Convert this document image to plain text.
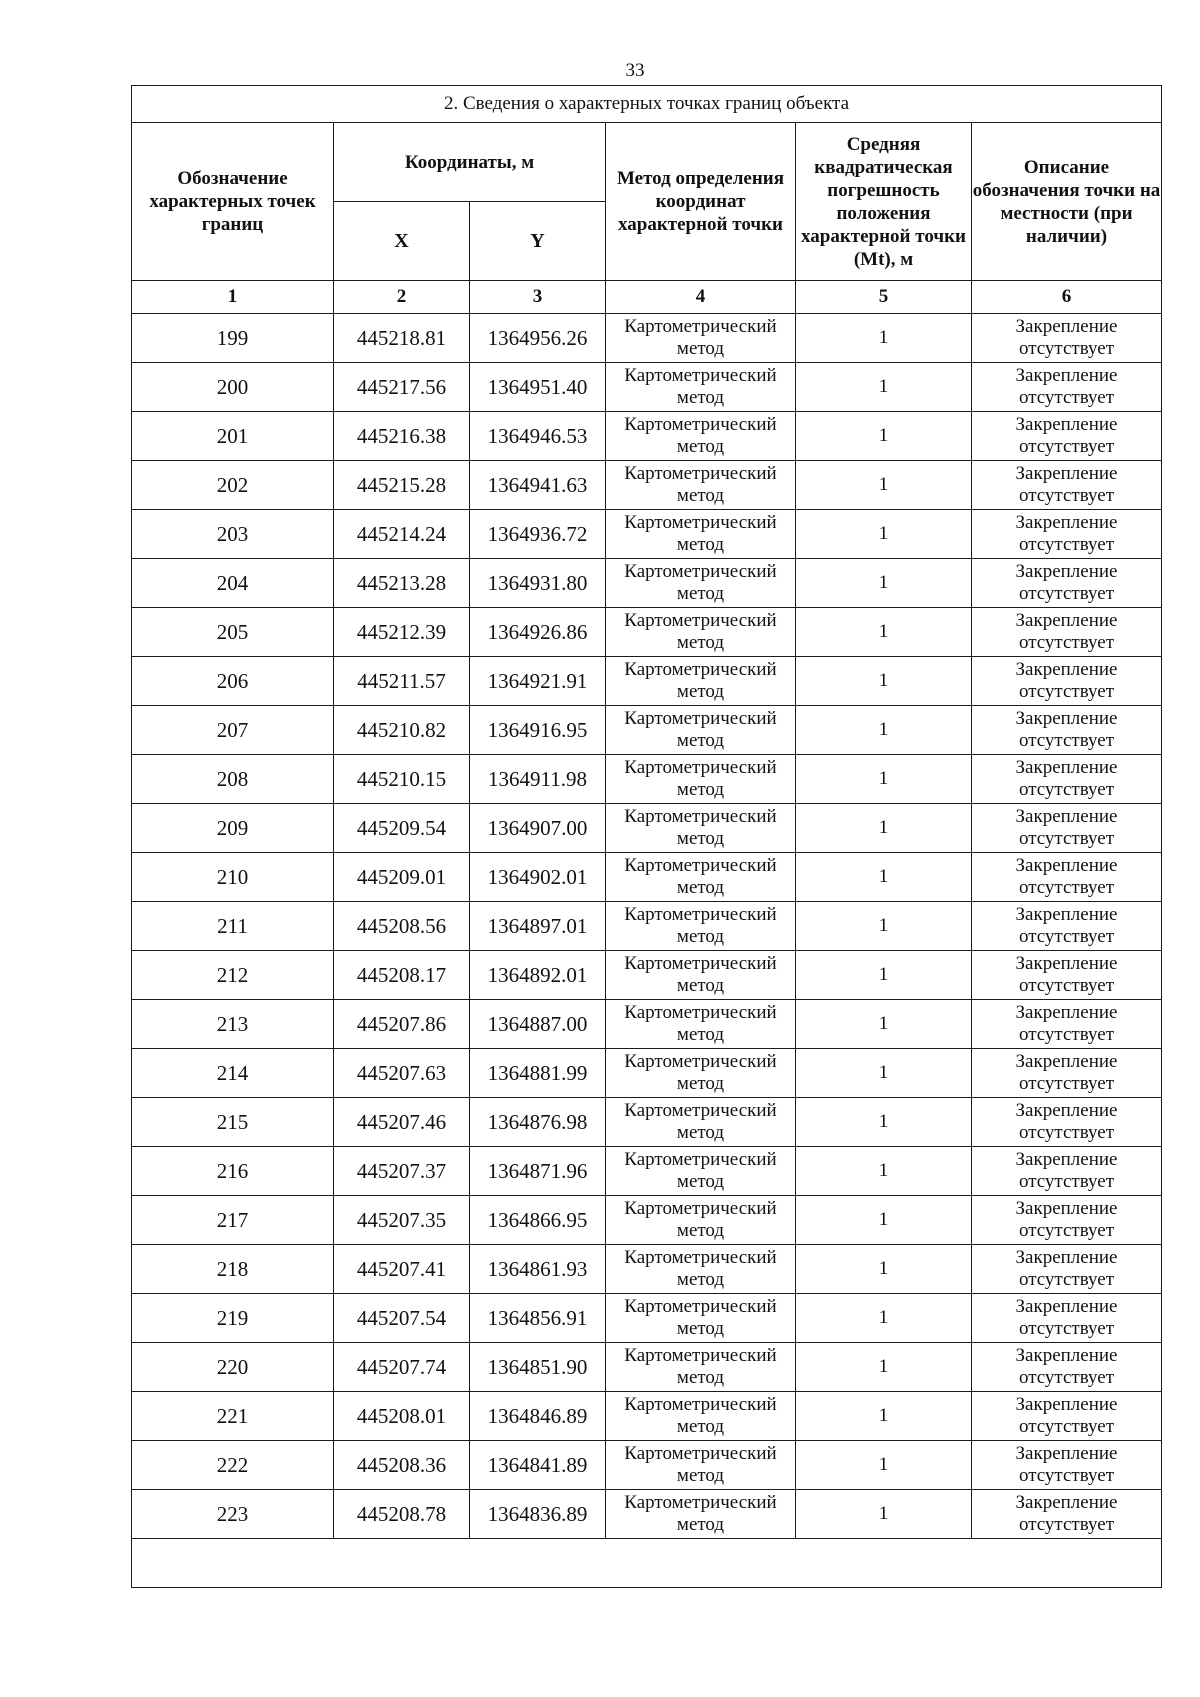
33
2. Сведения о характерных точках границ объекта					
Обозначение характерных точек границ	Координаты, м		Метод определения координат характерной точки	Средняя квадратическая погрешность положения характерной точки (Mt), м	Описание обозначения точки на местности (при наличии)
	X	Y			
1	2	3	4	5	6
199	445218.81	1364956.26	Картометрический метод	1	Закрепление отсутствует
200	445217.56	1364951.40	Картометрический метод	1	Закрепление отсутствует
201	445216.38	1364946.53	Картометрический метод	1	Закрепление отсутствует
202	445215.28	1364941.63	Картометрический метод	1	Закрепление отсутствует
203	445214.24	1364936.72	Картометрический метод	1	Закрепление отсутствует
204	445213.28	1364931.80	Картометрический метод	1	Закрепление отсутствует
205	445212.39	1364926.86	Картометрический метод	1	Закрепление отсутствует
206	445211.57	1364921.91	Картометрический метод	1	Закрепление отсутствует
207	445210.82	1364916.95	Картометрический метод	1	Закрепление отсутствует
208	445210.15	1364911.98	Картометрический метод	1	Закрепление отсутствует
209	445209.54	1364907.00	Картометрический метод	1	Закрепление отсутствует
210	445209.01	1364902.01	Картометрический метод	1	Закрепление отсутствует
211	445208.56	1364897.01	Картометрический метод	1	Закрепление отсутствует
212	445208.17	1364892.01	Картометрический метод	1	Закрепление отсутствует
213	445207.86	1364887.00	Картометрический метод	1	Закрепление отсутствует
214	445207.63	1364881.99	Картометрический метод	1	Закрепление отсутствует
215	445207.46	1364876.98	Картометрический метод	1	Закрепление отсутствует
216	445207.37	1364871.96	Картометрический метод	1	Закрепление отсутствует
217	445207.35	1364866.95	Картометрический метод	1	Закрепление отсутствует
218	445207.41	1364861.93	Картометрический метод	1	Закрепление отсутствует
219	445207.54	1364856.91	Картометрический метод	1	Закрепление отсутствует
220	445207.74	1364851.90	Картометрический метод	1	Закрепление отсутствует
221	445208.01	1364846.89	Картометрический метод	1	Закрепление отсутствует
222	445208.36	1364841.89	Картометрический метод	1	Закрепление отсутствует
223	445208.78	1364836.89	Картометрический метод	1	Закрепление отсутствует
